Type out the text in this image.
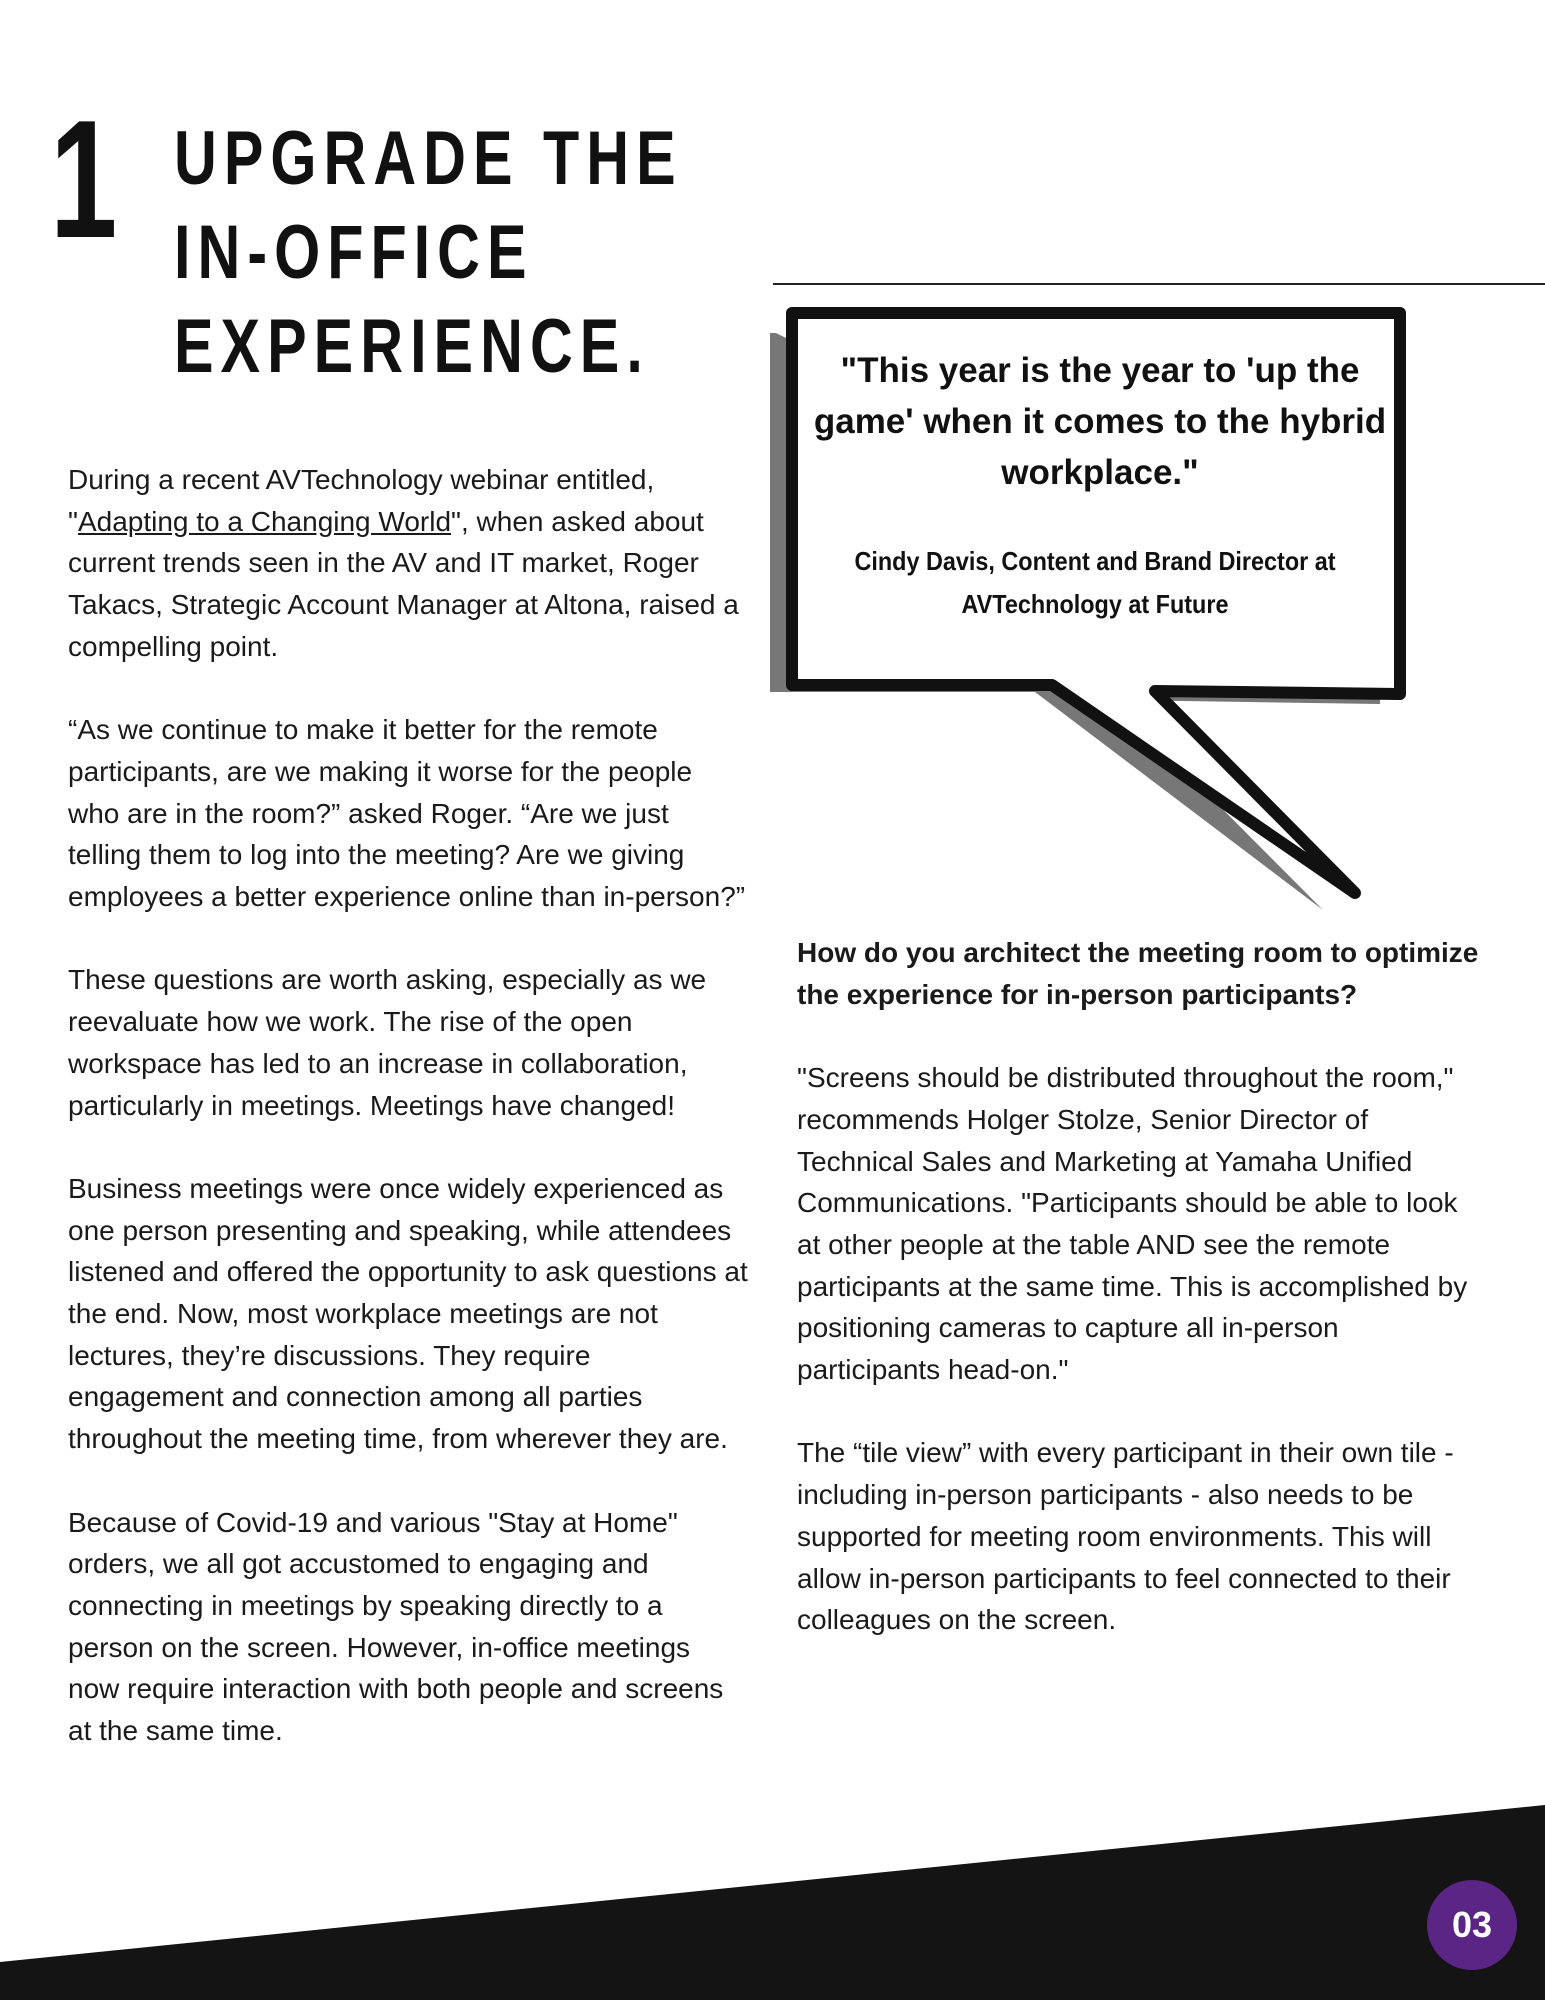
1 UPGRADE THE
IN-OFFICE
EXPERIENCE.

During a recent AVTechnology webinar entitled, "Adapting to a Changing World", when asked about current trends seen in the AV and IT market, Roger Takacs, Strategic Account Manager at Altona, raised a compelling point.

“As we continue to make it better for the remote participants, are we making it worse for the people who are in the room?” asked Roger. “Are we just telling them to log into the meeting? Are we giving employees a better experience online than in-person?”

These questions are worth asking, especially as we reevaluate how we work. The rise of the open workspace has led to an increase in collaboration, particularly in meetings. Meetings have changed!

Business meetings were once widely experienced as one person presenting and speaking, while attendees listened and offered the opportunity to ask questions at the end. Now, most workplace meetings are not lectures, they’re discussions. They require engagement and connection among all parties throughout the meeting time, from wherever they are.

Because of Covid-19 and various "Stay at Home" orders, we all got accustomed to engaging and connecting in meetings by speaking directly to a person on the screen. However, in-office meetings now require interaction with both people and screens at the same time.

"This year is the year to 'up the game' when it comes to the hybrid workplace."
Cindy Davis, Content and Brand Director at AVTechnology at Future

How do you architect the meeting room to optimize the experience for in-person participants?

"Screens should be distributed throughout the room," recommends Holger Stolze, Senior Director of Technical Sales and Marketing at Yamaha Unified Communications. "Participants should be able to look at other people at the table AND see the remote participants at the same time. This is accomplished by positioning cameras to capture all in-person participants head-on."

The “tile view” with every participant in their own tile - including in-person participants - also needs to be supported for meeting room environments. This will allow in-person participants to feel connected to their colleagues on the screen.

03
